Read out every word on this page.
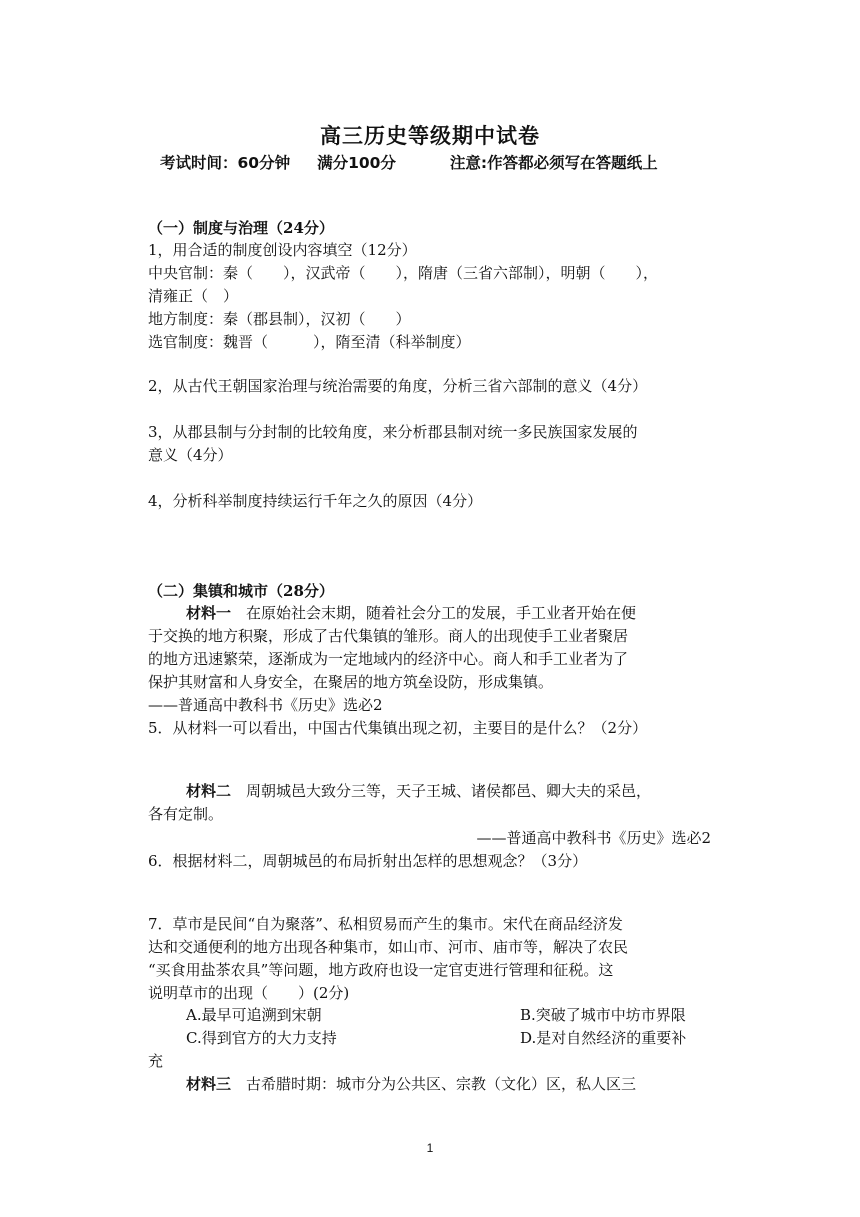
高三历史等级期中试卷
考试时间：60分钟 满分100分	注意:作答都必须写在答题纸上
（一）制度与治理（24分）
1，用合适的制度创设内容填空（12分）
中央官制：秦（　　），汉武帝（　　），隋唐（三省六部制），明朝（　　），
清雍正（　）
地方制度：秦（郡县制），汉初（　　）
选官制度：魏晋（　　　），隋至清（科举制度）
2，从古代王朝国家治理与统治需要的角度，分析三省六部制的意义（4分）
3，从郡县制与分封制的比较角度，来分析郡县制对统一多民族国家发展的
意义（4分）
4，分析科举制度持续运行千年之久的原因（4分）
（二）集镇和城市（28分）
材料一　 在原始社会末期，随着社会分工的发展，手工业者开始在便
于交换的地方积聚，形成了古代集镇的雏形。商人的出现使手工业者聚居
的地方迅速繁荣，逐渐成为一定地域内的经济中心。商人和手工业者为了
保护其财富和人身安全，在聚居的地方筑垒设防，形成集镇。
——普通高中教科书《历史》选必2
5．从材料一可以看出，中国古代集镇出现之初，主要目的是什么？（2分）
材料二　 周朝城邑大致分三等，天子王城、诸侯都邑、卿大夫的采邑，
各有定制。
——普通高中教科书《历史》选必2
6．根据材料二，周朝城邑的布局折射出怎样的思想观念？（3分）
7．草市是民间“自为聚落”、私相贸易而产生的集市。宋代在商品经济发
达和交通便利的地方出现各种集市，如山市、河市、庙市等，解决了农民
“买食用盐茶农具”等问题，地方政府也设一定官吏进行管理和征税。这
说明草市的出现（　　）(2分)
A.最早可追溯到宋朝	B.突破了城市中坊市界限
C.得到官方的大力支持	D.是对自然经济的重要补
充
材料三　 古希腊时期：城市分为公共区、宗教（文化）区，私人区三
1
